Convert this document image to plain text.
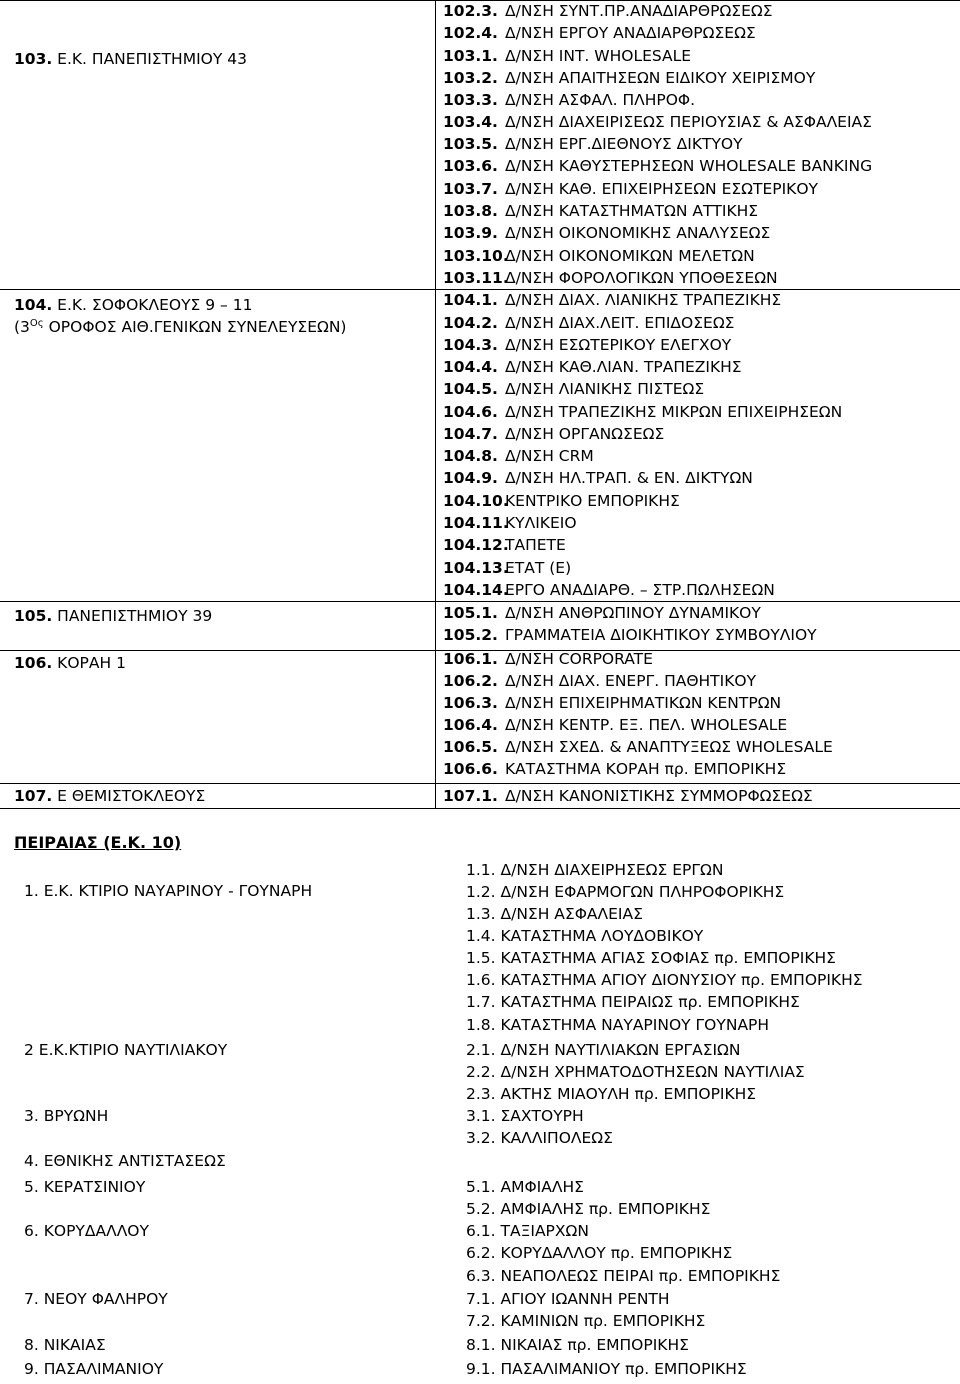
103. Ε.Κ. ΠΑΝΕΠΙΣΤΗΜΙΟΥ 43
104. Ε.Κ. ΣΟΦΟΚΛΕΟΥΣ 9 – 11
($3^{O\varsigma}$ ΟΡΟΦΟΣ ΑΙΘ.ΓΕΝΙΚΩΝ ΣΥΝΕΛΕΥΣΕΩΝ)
105. ΠΑΝΕΠΙΣΤΗΜΙΟΥ 39
106. ΚΟΡΑΗ 1
107. Ε ΘΕΜΙΣΤΟΚΛΕΟΥΣ
102.3. Δ/ΝΣΗ ΣΥΝΤ.ΠΡ.ΑΝΑΔΙΑΡΘΡΩΣΕΩΣ
102.4. Δ/ΝΣΗ ΕΡΓΟΥ ΑΝΑΔΙΑΡΘΡΩΣΕΩΣ
103.1. Δ/ΝΣΗ ΙΝΤ. WHOLESALE
103.2. Δ/ΝΣΗ ΑΠΑΙΤΗΣΕΩΝ ΕΙΔΙΚΟΥ ΧΕΙΡΙΣΜΟΥ
103.3. Δ/ΝΣΗ ΑΣΦΑΛ. ΠΛΗΡΟΦ.
103.4. Δ/ΝΣΗ ΔΙΑΧΕΙΡΙΣΕΩΣ ΠΕΡΙΟΥΣΙΑΣ & ΑΣΦΑΛΕΙΑΣ
103.5. Δ/ΝΣΗ ΕΡΓ.ΔΙΕΘΝΟΥΣ ΔΙΚΤΥΟΥ
103.6. Δ/ΝΣΗ ΚΑΘΥΣΤΕΡΗΣΕΩΝ WHOLESALE BANKING
103.7. Δ/ΝΣΗ ΚΑΘ. ΕΠΙΧΕΙΡΗΣΕΩΝ ΕΣΩΤΕΡΙΚΟΥ
103.8. Δ/ΝΣΗ ΚΑΤΑΣΤΗΜΑΤΩΝ ΑΤΤΙΚΗΣ
103.9. Δ/ΝΣΗ ΟΙΚΟΝΟΜΙΚΗΣ ΑΝΑΛΥΣΕΩΣ
103.10.Δ/ΝΣΗ ΟΙΚΟΝΟΜΙΚΩΝ ΜΕΛΕΤΩΝ
103.11.Δ/ΝΣΗ ΦΟΡΟΛΟΓΙΚΩΝ ΥΠΟΘΕΣΕΩΝ
104.1. Δ/ΝΣΗ ΔΙΑΧ. ΛΙΑΝΙΚΗΣ ΤΡΑΠΕΖΙΚΗΣ
104.2. Δ/ΝΣΗ ΔΙΑΧ.ΛΕΙΤ. ΕΠΙΔΟΣΕΩΣ
104.3. Δ/ΝΣΗ ΕΣΩΤΕΡΙΚΟΥ ΕΛΕΓΧΟΥ
104.4. Δ/ΝΣΗ ΚΑΘ.ΛΙΑΝ. ΤΡΑΠΕΖΙΚΗΣ
104.5. Δ/ΝΣΗ ΛΙΑΝΙΚΗΣ ΠΙΣΤΕΩΣ
104.6. Δ/ΝΣΗ ΤΡΑΠΕΖΙΚΗΣ ΜΙΚΡΩΝ ΕΠΙΧΕΙΡΗΣΕΩΝ
104.7. Δ/ΝΣΗ ΟΡΓΑΝΩΣΕΩΣ
104.8. Δ/ΝΣΗ CRM
104.9. Δ/ΝΣΗ ΗΛ.ΤΡΑΠ. & ΕΝ. ΔΙΚΤΥΩΝ
104.10.ΚΕΝΤΡΙΚΟ ΕΜΠΟΡΙΚΗΣ
104.11.ΚΥΛΙΚΕΙΟ
104.12.ΤΑΠΕΤΕ
104.13.ΕΤΑΤ (Ε)
104.14.ΕΡΓΟ ΑΝΑΔΙΑΡΘ. – ΣΤΡ.ΠΩΛΗΣΕΩΝ
105.1. Δ/ΝΣΗ ΑΝΘΡΩΠΙΝΟΥ ΔΥΝΑΜΙΚΟΥ
105.2. ΓΡΑΜΜΑΤΕΙΑ ΔΙΟΙΚΗΤΙΚΟΥ ΣΥΜΒΟΥΛΙΟΥ
106.1. Δ/ΝΣΗ CORPORATE
106.2. Δ/ΝΣΗ ΔΙΑΧ. ΕΝΕΡΓ. ΠΑΘΗΤΙΚΟΥ
106.3. Δ/ΝΣΗ ΕΠΙΧΕΙΡΗΜΑΤΙΚΩΝ ΚΕΝΤΡΩΝ
106.4. Δ/ΝΣΗ ΚΕΝΤΡ. ΕΞ. ΠΕΛ. WHOLESALE
106.5. Δ/ΝΣΗ ΣΧΕΔ. & ΑΝΑΠΤΥΞΕΩΣ WHOLESALE
106.6. ΚΑΤΑΣΤΗΜΑ ΚΟΡΑΗ πρ. ΕΜΠΟΡΙΚΗΣ
107.1. Δ/ΝΣΗ ΚΑΝΟΝΙΣΤΙΚΗΣ ΣΥΜΜΟΡΦΩΣΕΩΣ
ΠΕΙΡΑΙΑΣ (Ε.Κ. 10)
1. Ε.Κ. ΚΤΙΡΙΟ ΝΑΥΑΡΙΝΟΥ - ΓΟΥΝΑΡΗ
2 Ε.Κ.ΚΤΙΡΙΟ ΝΑΥΤΙΛΙΑΚΟΥ
3. ΒΡΥΩΝΗ
4. ΕΘΝΙΚΗΣ ΑΝΤΙΣΤΑΣΕΩΣ
5. ΚΕΡΑΤΣΙΝΙΟΥ
6. ΚΟΡΥΔΑΛΛΟΥ
7. ΝΕΟΥ ΦΑΛΗΡΟΥ
8. ΝΙΚΑΙΑΣ
9. ΠΑΣΑΛΙΜΑΝΙΟΥ
1.1. Δ/ΝΣΗ ΔΙΑΧΕΙΡΗΣΕΩΣ ΕΡΓΩΝ
1.2. Δ/ΝΣΗ ΕΦΑΡΜΟΓΩΝ ΠΛΗΡΟΦΟΡΙΚΗΣ
1.3. Δ/ΝΣΗ ΑΣΦΑΛΕΙΑΣ
1.4. ΚΑΤΑΣΤΗΜΑ ΛΟΥΔΟΒΙΚΟΥ
1.5. ΚΑΤΑΣΤΗΜΑ ΑΓΙΑΣ ΣΟΦΙΑΣ πρ. ΕΜΠΟΡΙΚΗΣ
1.6. ΚΑΤΑΣΤΗΜΑ ΑΓΙΟΥ ΔΙΟΝΥΣΙΟΥ πρ. ΕΜΠΟΡΙΚΗΣ
1.7. ΚΑΤΑΣΤΗΜΑ ΠΕΙΡΑΙΩΣ πρ. ΕΜΠΟΡΙΚΗΣ
1.8. ΚΑΤΑΣΤΗΜΑ ΝΑΥΑΡΙΝΟΥ ΓΟΥΝΑΡΗ
2.1. Δ/ΝΣΗ ΝΑΥΤΙΛΙΑΚΩΝ ΕΡΓΑΣΙΩΝ
2.2. Δ/ΝΣΗ ΧΡΗΜΑΤΟΔΟΤΗΣΕΩΝ ΝΑΥΤΙΛΙΑΣ
2.3. ΑΚΤΗΣ ΜΙΑΟΥΛΗ πρ. ΕΜΠΟΡΙΚΗΣ
3.1. ΣΑΧΤΟΥΡΗ
3.2. ΚΑΛΛΙΠΟΛΕΩΣ
5.1. ΑΜΦΙΑΛΗΣ
5.2. ΑΜΦΙΑΛΗΣ πρ. ΕΜΠΟΡΙΚΗΣ
6.1. ΤΑΞΙΑΡΧΩΝ
6.2. ΚΟΡΥΔΑΛΛΟΥ πρ. ΕΜΠΟΡΙΚΗΣ
6.3. ΝΕΑΠΟΛΕΩΣ ΠΕΙΡΑΙ πρ. ΕΜΠΟΡΙΚΗΣ
7.1. ΑΓΙΟΥ ΙΩΑΝΝΗ ΡΕΝΤΗ
7.2. ΚΑΜΙΝΙΩΝ πρ. ΕΜΠΟΡΙΚΗΣ
8.1. ΝΙΚΑΙΑΣ πρ. ΕΜΠΟΡΙΚΗΣ
9.1. ΠΑΣΑΛΙΜΑΝΙΟΥ πρ. ΕΜΠΟΡΙΚΗΣ
